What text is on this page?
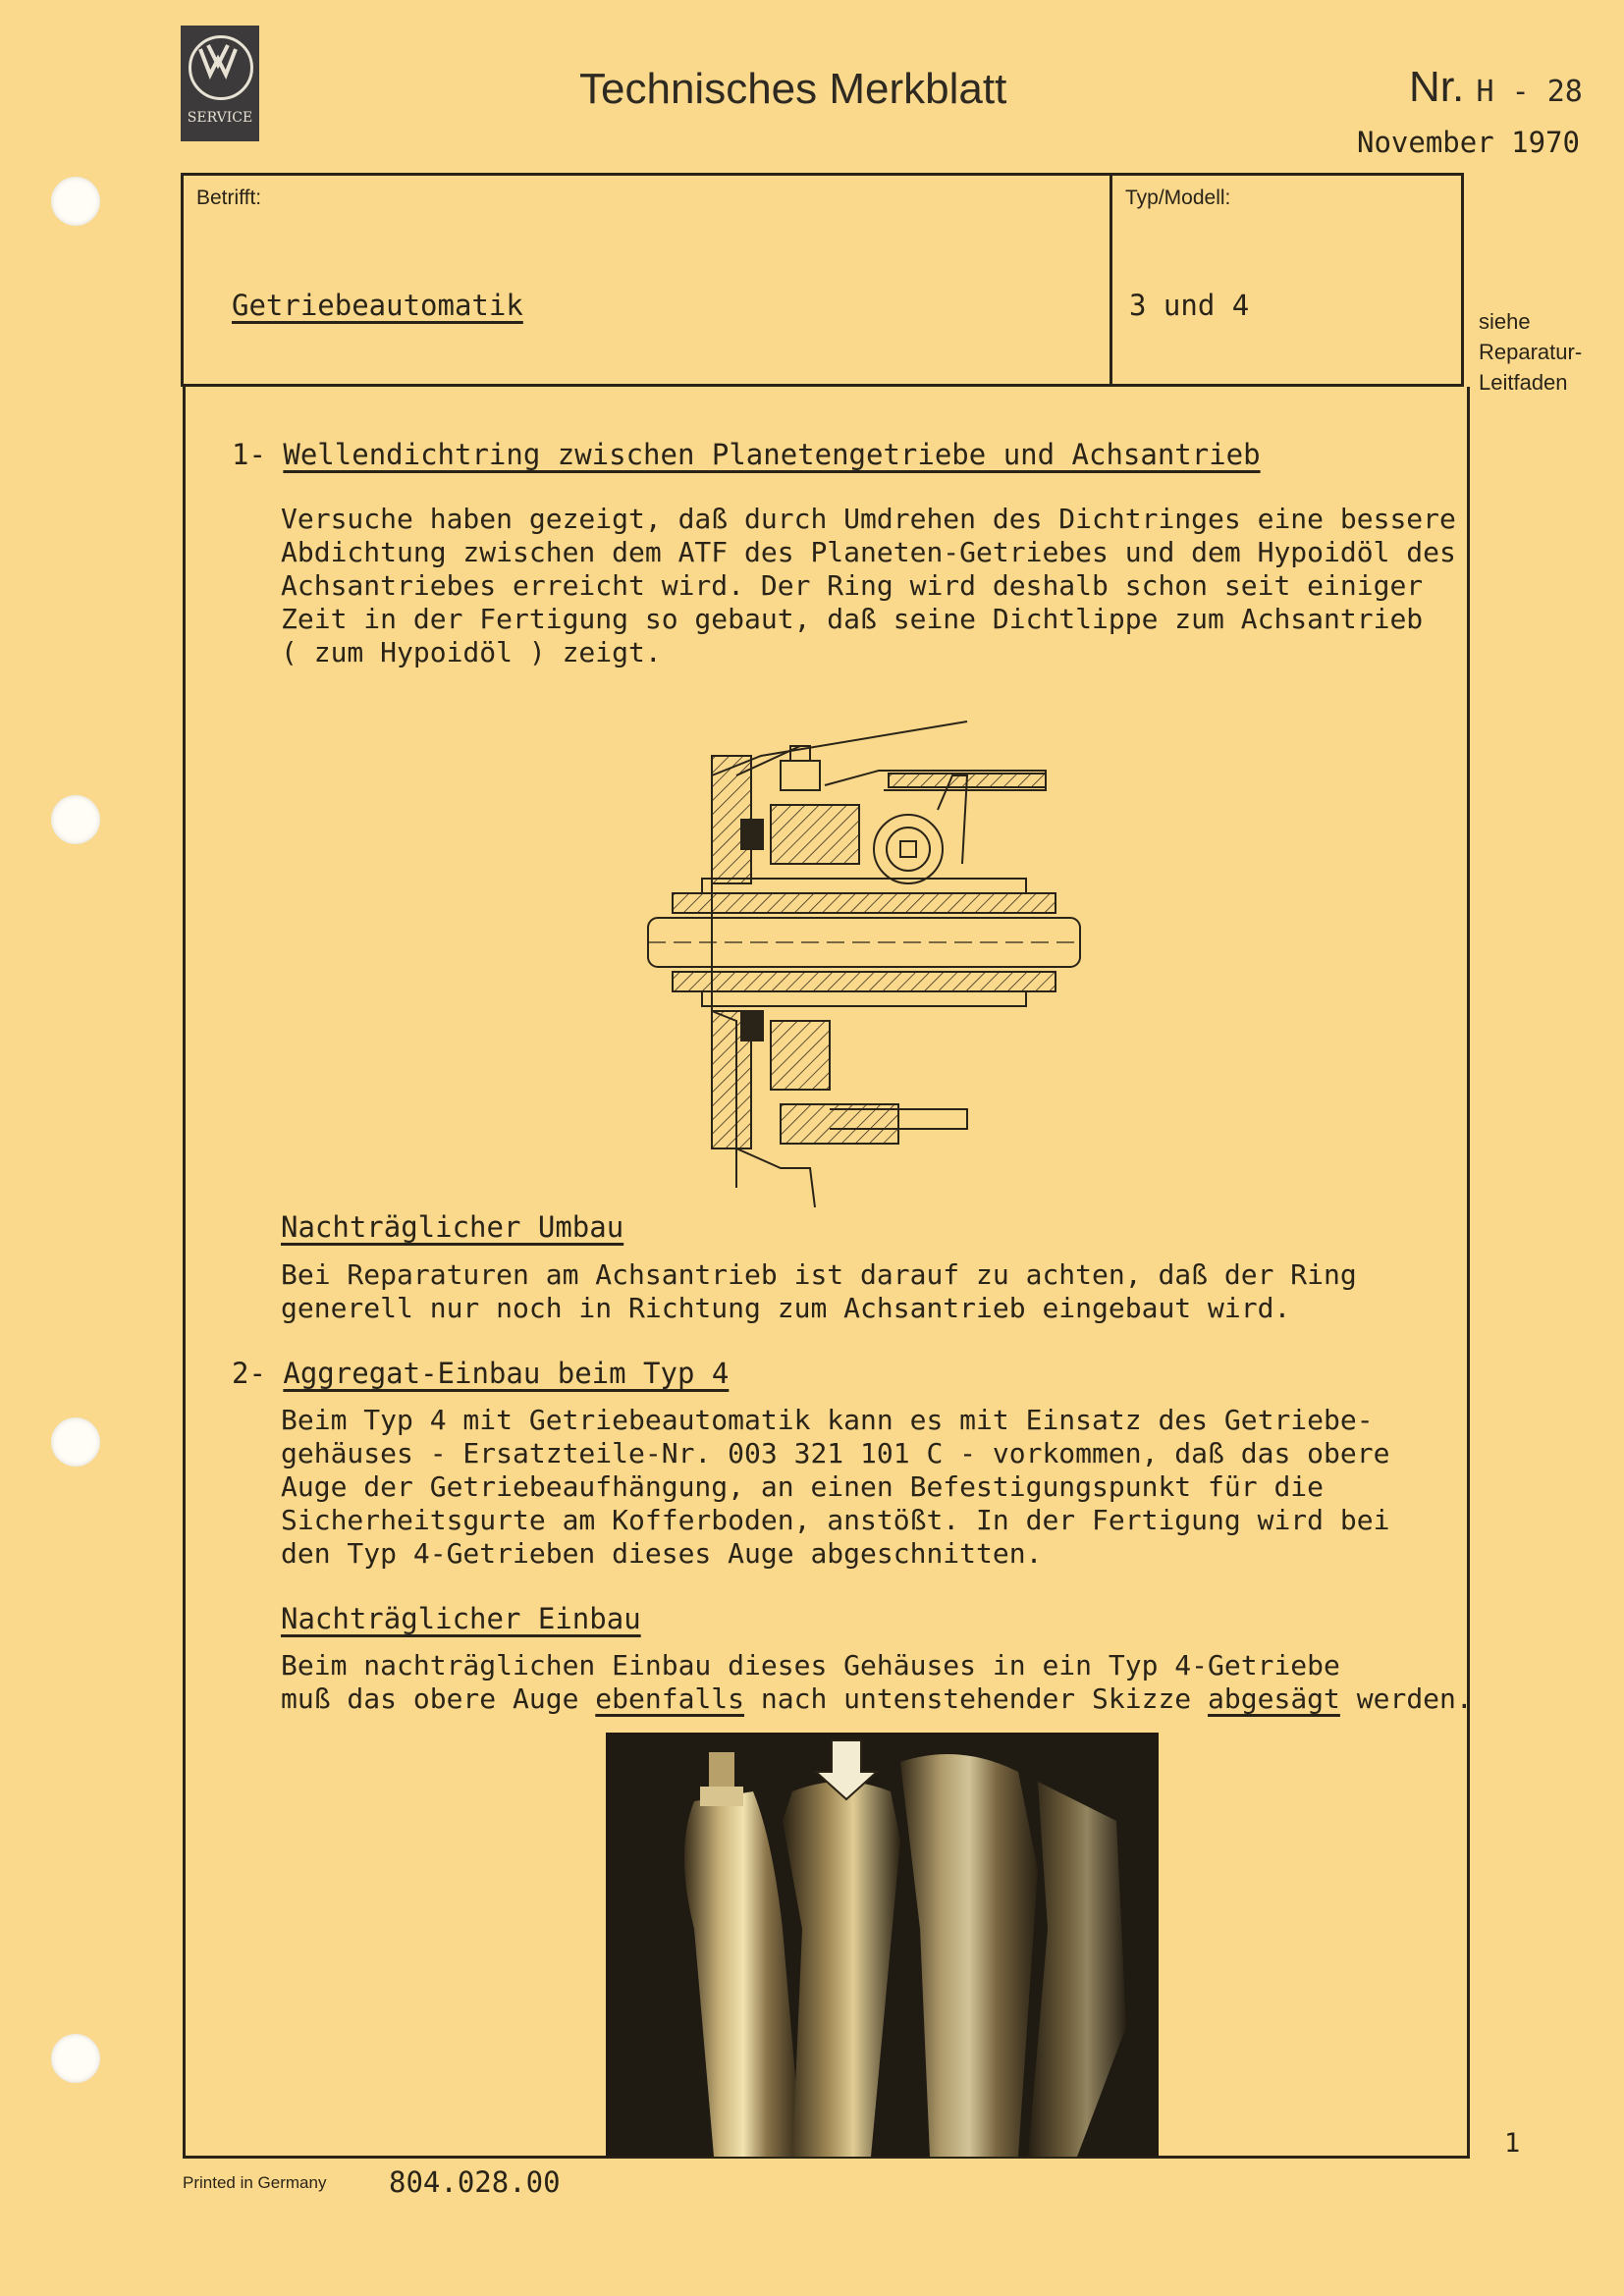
SERVICE
Technisches Merkblatt	Nr. H - 28
November 1970
Betrifft:
Getriebeautomatik
Typ/Modell:
3 und 4	siehe
Reparatur-
Leitfaden
1- Wellendichtring zwischen Planetengetriebe und Achsantrieb
Versuche haben gezeigt, daß durch Umdrehen des Dichtringes eine bessere
Abdichtung zwischen dem ATF des Planeten-Getriebes und dem Hypoidöl des
Achsantriebes erreicht wird. Der Ring wird deshalb schon seit einiger
Zeit in der Fertigung so gebaut, daß seine Dichtlippe zum Achsantrieb
( zum Hypoidöl ) zeigt.
Nachträglicher Umbau
Bei Reparaturen am Achsantrieb ist darauf zu achten, daß der Ring
generell nur noch in Richtung zum Achsantrieb eingebaut wird.
2- Aggregat-Einbau beim Typ 4
Beim Typ 4 mit Getriebeautomatik kann es mit Einsatz des Getriebe-
gehäuses - Ersatzteile-Nr. 003 321 101 C - vorkommen, daß das obere
Auge der Getriebeaufhängung, an einen Befestigungspunkt für die
Sicherheitsgurte am Kofferboden, anstößt. In der Fertigung wird bei
den Typ 4-Getrieben dieses Auge abgeschnitten.
Nachträglicher Einbau
Beim nachträglichen Einbau dieses Gehäuses in ein Typ 4-Getriebe
muß das obere Auge ebenfalls nach untenstehender Skizze abgesägt werden.
Printed in Germany 804.028.00
1
